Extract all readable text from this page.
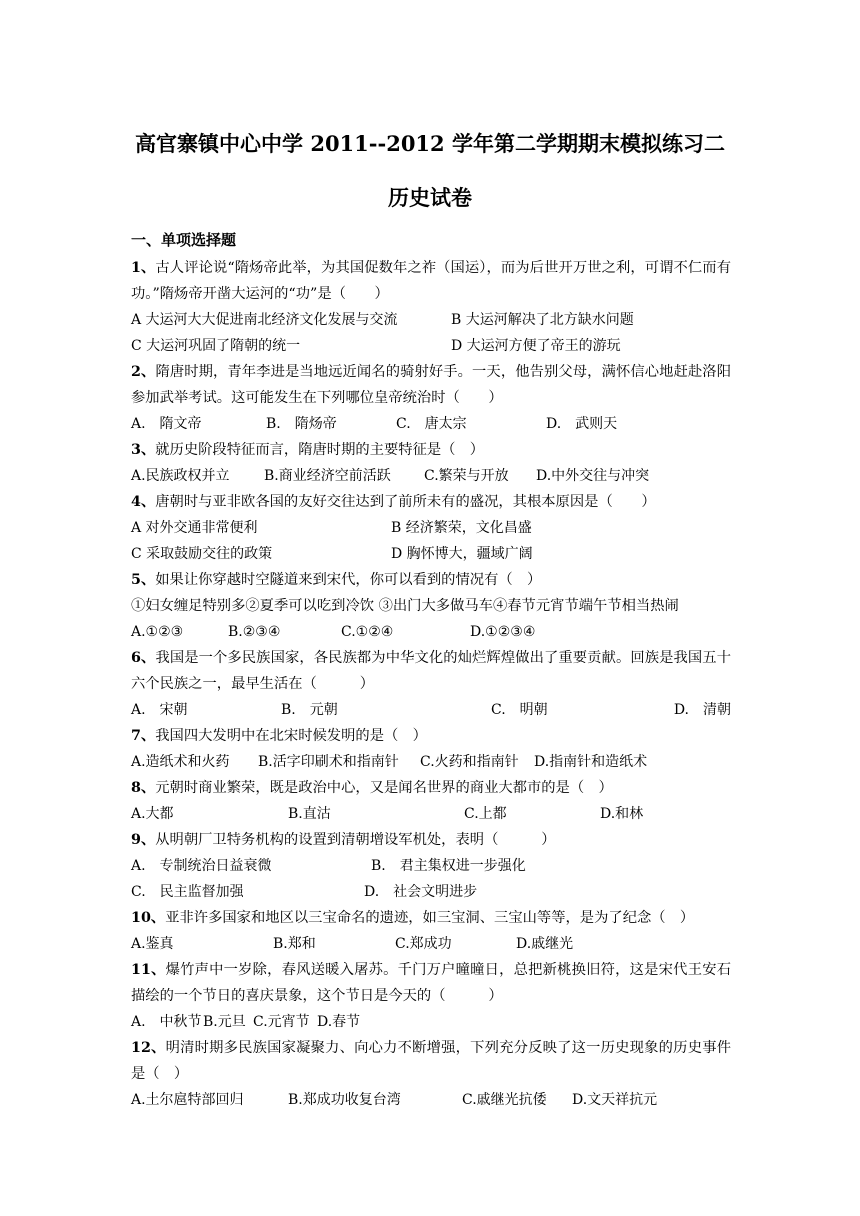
高官寨镇中心中学 2011--2012 学年第二学期期末模拟练习二
历史试卷
一、单项选择题
1、古人评论说“隋炀帝此举，为其国促数年之祚（国运），而为后世开万世之利，可谓不仁而有功。”隋炀帝开凿大运河的“功”是（　　）
A 大运河大大促进南北经济文化发展与交流	B 大运河解决了北方缺水问题
C 大运河巩固了隋朝的统一	D 大运河方便了帝王的游玩
2、隋唐时期，青年李进是当地远近闻名的骑射好手。一天，他告别父母，满怀信心地赶赴洛阳参加武举考试。这可能发生在下列哪位皇帝统治时（　　）
A.　隋文帝	B.　隋炀帝	C.　唐太宗	D.　武则天
3、就历史阶段特征而言，隋唐时期的主要特征是（　）
A.民族政权并立	B.商业经济空前活跃	C.繁荣与开放	D.中外交往与冲突
4、唐朝时与亚非欧各国的友好交往达到了前所未有的盛况，其根本原因是（　　）
A 对外交通非常便利	B 经济繁荣，文化昌盛
C 采取鼓励交往的政策	D 胸怀博大，疆域广阔
5、如果让你穿越时空隧道来到宋代，你可以看到的情况有（　）
①妇女缠足特别多②夏季可以吃到冷饮 ③出门大多做马车④春节元宵节端午节相当热闹
A.①②③	B.②③④	C.①②④	D.①②③④
6、我国是一个多民族国家，各民族都为中华文化的灿烂辉煌做出了重要贡献。回族是我国五十六个民族之一，最早生活在（　　　）
A.　宋朝	B.　元朝	C.　明朝	D.　清朝
7、我国四大发明中在北宋时候发明的是（　）
A.造纸术和火药	B.活字印刷术和指南针	C.火药和指南针	D.指南针和造纸术
8、元朝时商业繁荣，既是政治中心，又是闻名世界的商业大都市的是（　）
A.大都	B.直沽	C.上都	D.和林
9、从明朝厂卫特务机构的设置到清朝增设军机处，表明（　　　）
A.　专制统治日益衰微	B.　君主集权进一步强化
C.　民主监督加强	D.　社会文明进步
10、亚非许多国家和地区以三宝命名的遗迹，如三宝洞、三宝山等等，是为了纪念（　）
A.鉴真	B.郑和	C.郑成功	D.戚继光
11、爆竹声中一岁除，春风送暖入屠苏。千门万户曈曈日，总把新桃换旧符，这是宋代王安石描绘的一个节日的喜庆景象，这个节日是今天的（　　　）
A.　中秋节 B.元旦 C.元宵节 D.春节
12、明清时期多民族国家凝聚力、向心力不断增强，下列充分反映了这一历史现象的历史事件是（　）
A.土尔扈特部回归	B.郑成功收复台湾	C.戚继光抗倭	D.文天祥抗元
